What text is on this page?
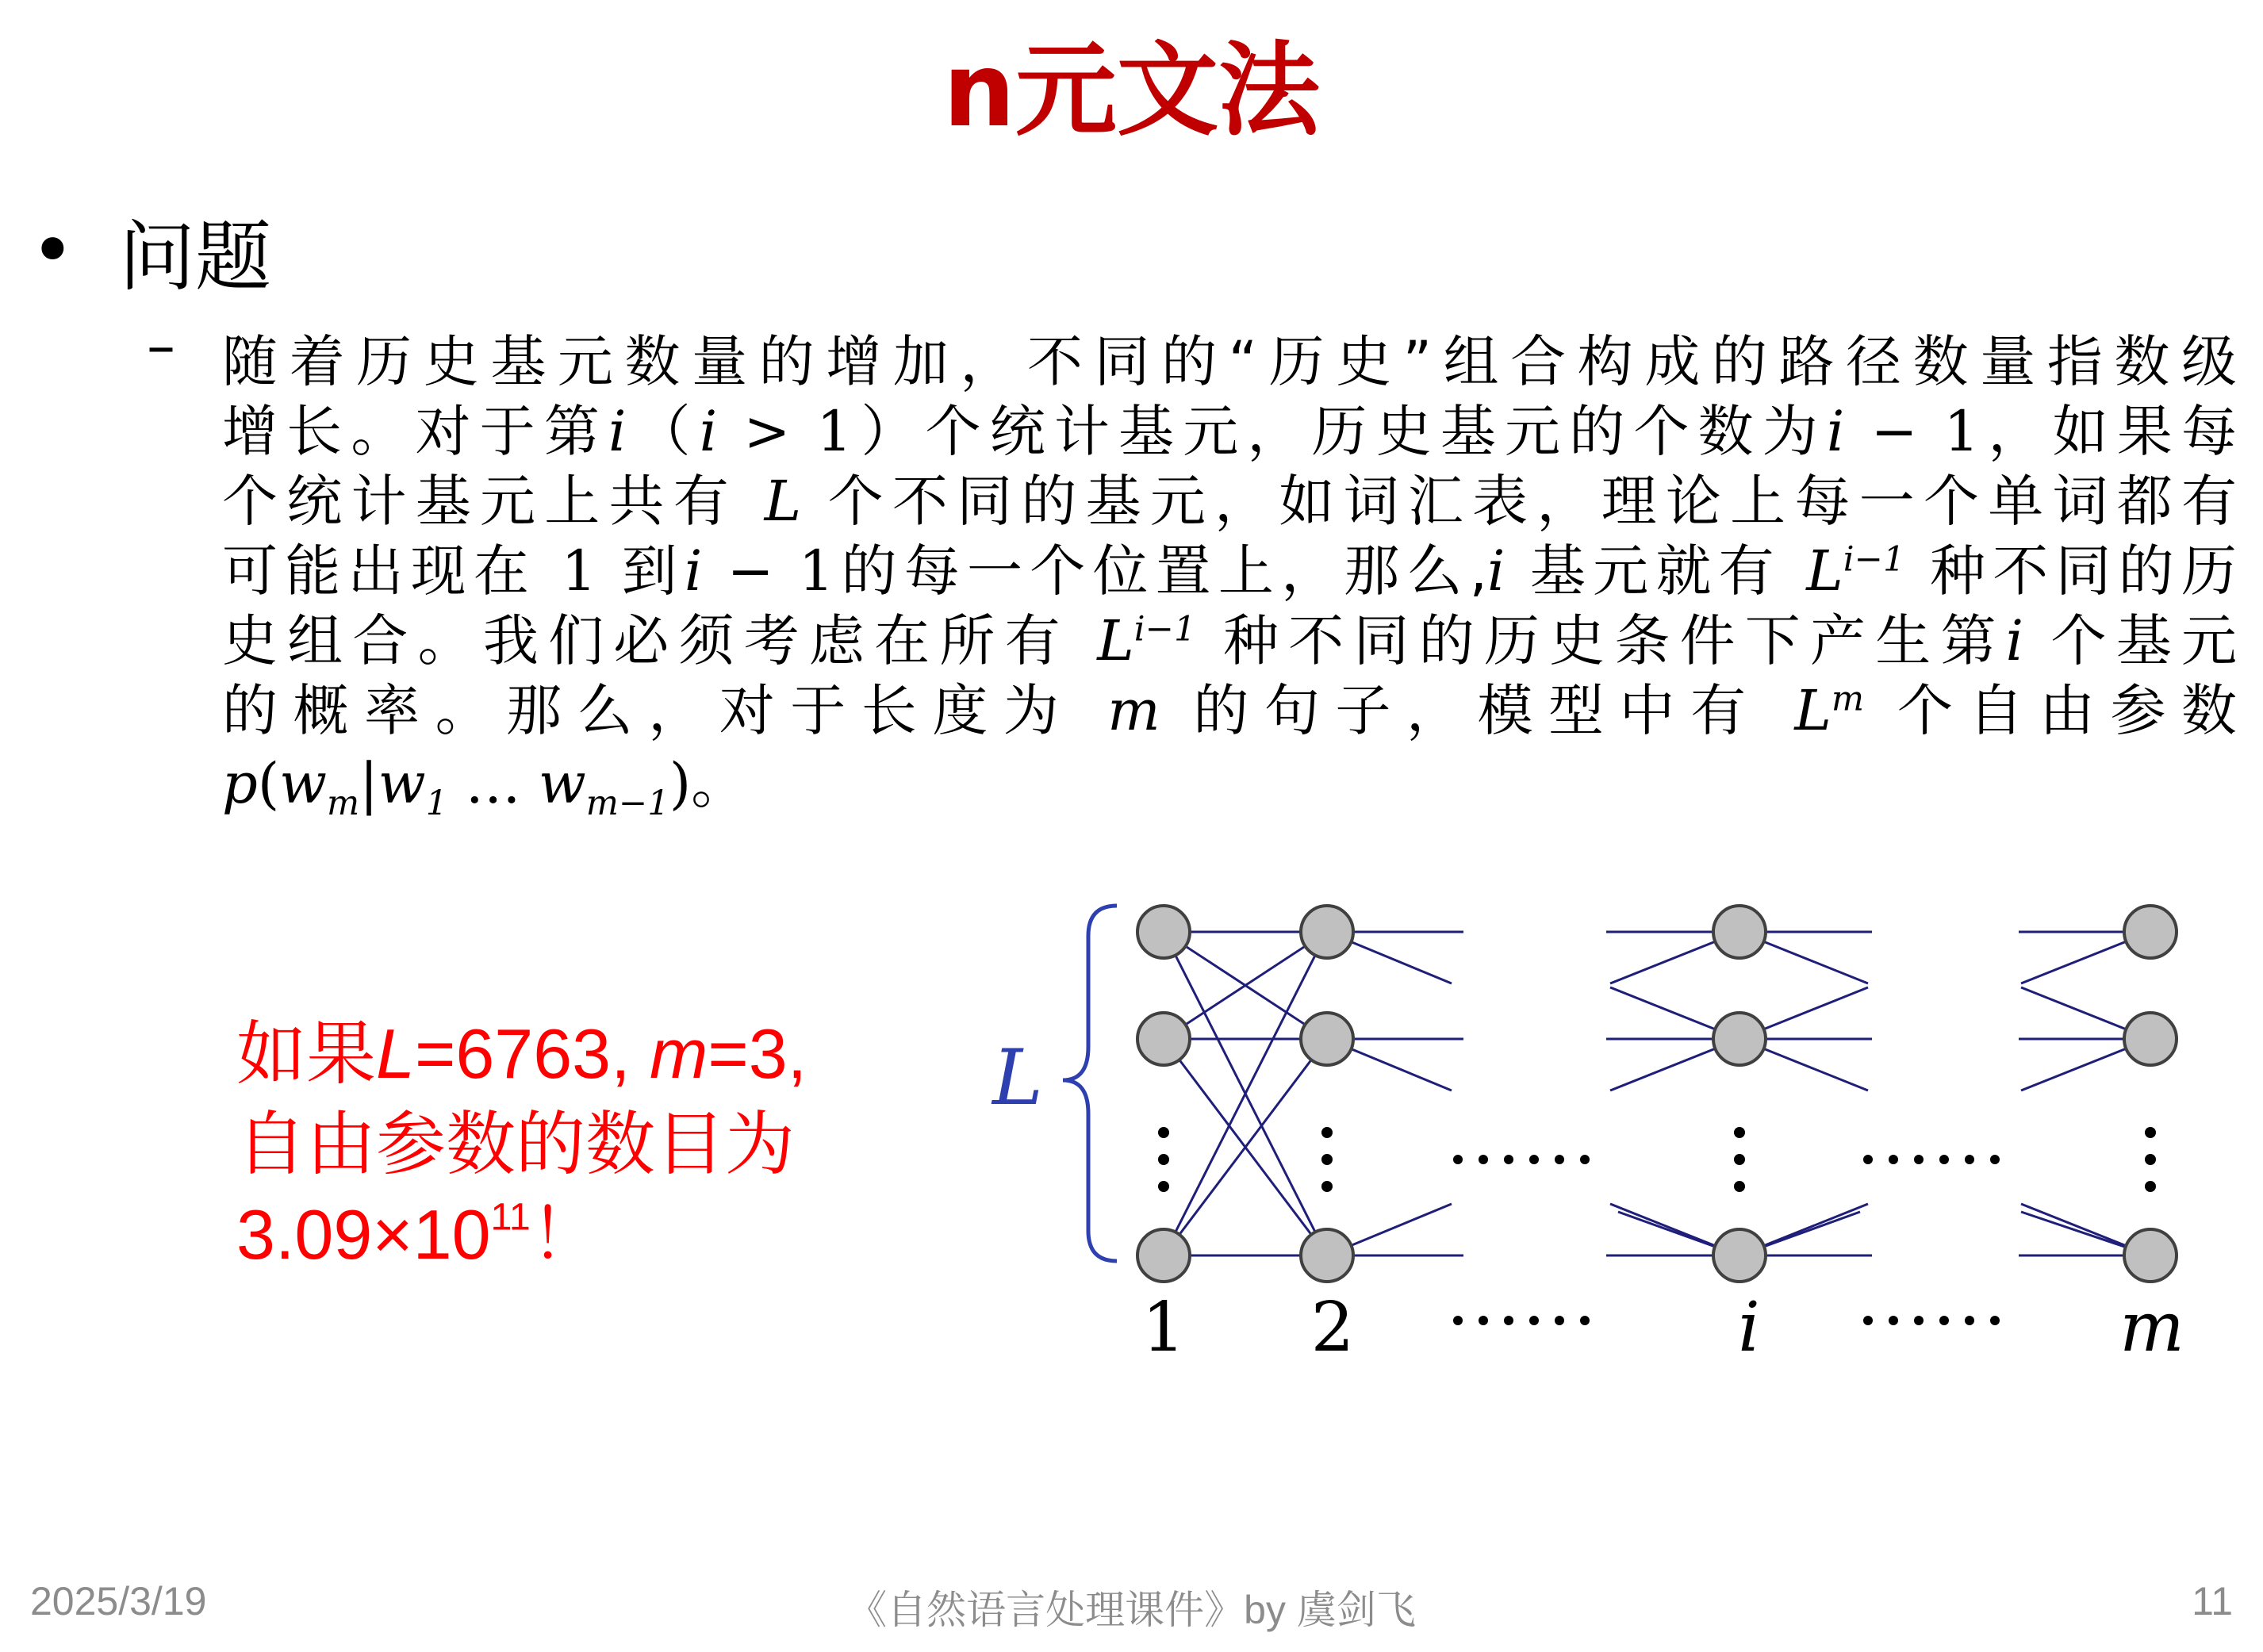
n元文法
• 问题
– 随着历史基元数量的增加，不同的“历史”组合构成的路径数量指数级
增长。对于第i（i > 1）个统计基元，历史基元的个数为i − 1，如果每
个统计基元上共有 L 个不同的基元，如词汇表，理论上每一个单词都有
可能出现在 1 到i − 1的每一个位置上，那么,i 基元就有 $L^{i-1}$ 种不同的历
史组合。我们必须考虑在所有 $L^{i-1}$ 种不同的历史条件下产生第i 个基元
的概率。那么，对于长度为 m 的句子，模型中有 $L^m$ 个自由参数
$p(w_m|w_1$ … $w_{m-1}$)。
如果L=6763, m=3,
自由参数的数目为
$3.09\times 10^{11}$！
L
1 2	i	m
2025/3/19	《自然语言处理课件》by 虞剑飞	11
